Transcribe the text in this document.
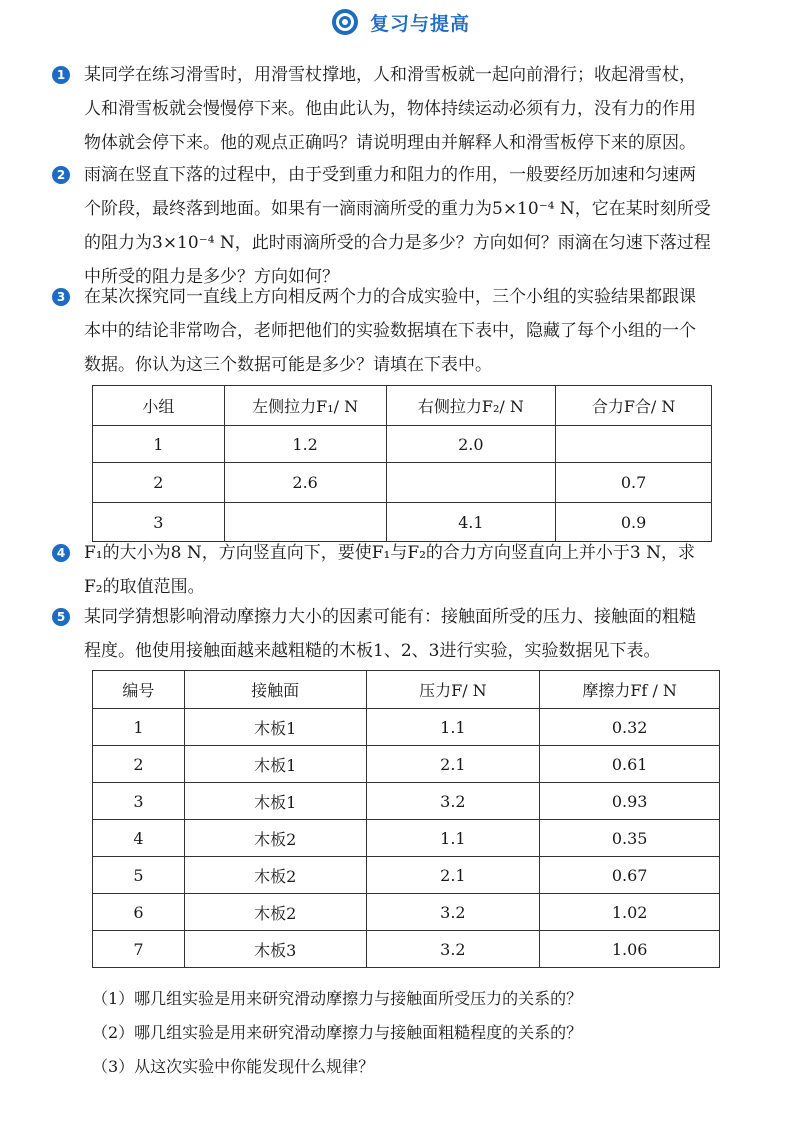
复习与提高
1 某同学在练习滑雪时，用滑雪杖撑地，人和滑雪板就一起向前滑行；收起滑雪杖，
人和滑雪板就会慢慢停下来。他由此认为，物体持续运动必须有力，没有力的作用
物体就会停下来。他的观点正确吗？请说明理由并解释人和滑雪板停下来的原因。
2 雨滴在竖直下落的过程中，由于受到重力和阻力的作用，一般要经历加速和匀速两
个阶段，最终落到地面。如果有一滴雨滴所受的重力为5×10⁻⁴ N，它在某时刻所受
的阻力为3×10⁻⁴ N，此时雨滴所受的合力是多少？方向如何？雨滴在匀速下落过程
中所受的阻力是多少？方向如何？
3 在某次探究同一直线上方向相反两个力的合成实验中，三个小组的实验结果都跟课
本中的结论非常吻合，老师把他们的实验数据填在下表中，隐藏了每个小组的一个
数据。你认为这三个数据可能是多少？请填在下表中。
小组	左侧拉力F₁/ N	右侧拉力F₂/ N	合力F合/ N
1	1.2	2.0	
2	2.6		0.7
3		4.1	0.9
4 F₁的大小为8 N，方向竖直向下，要使F₁与F₂的合力方向竖直向上并小于3 N，求
F₂的取值范围。
5 某同学猜想影响滑动摩擦力大小的因素可能有：接触面所受的压力、接触面的粗糙
程度。他使用接触面越来越粗糙的木板1、2、3进行实验，实验数据见下表。
编号	接触面	压力F/ N	摩擦力Ff / N
1	木板1	1.1	0.32
2	木板1	2.1	0.61
3	木板1	3.2	0.93
4	木板2	1.1	0.35
5	木板2	2.1	0.67
6	木板2	3.2	1.02
7	木板3	3.2	1.06
（1）哪几组实验是用来研究滑动摩擦力与接触面所受压力的关系的？
（2）哪几组实验是用来研究滑动摩擦力与接触面粗糙程度的关系的？
（3）从这次实验中你能发现什么规律？
